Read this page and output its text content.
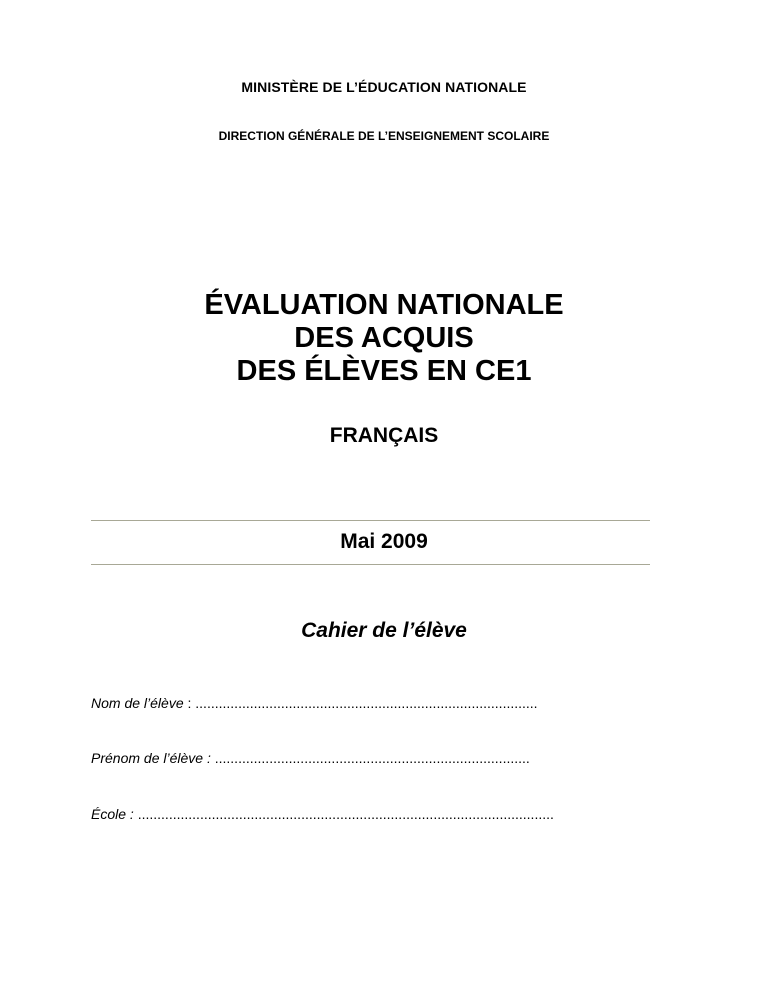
MINISTÈRE DE L’ÉDUCATION NATIONALE
DIRECTION GÉNÉRALE DE L’ENSEIGNEMENT SCOLAIRE
ÉVALUATION NATIONALE
DES ACQUIS
DES ÉLÈVES EN CE1
FRANÇAIS
Mai 2009
Cahier de l’élève
Nom de l’élève : ........................................................................................
Prénom de l’élève : .................................................................................
École : ...........................................................................................................
